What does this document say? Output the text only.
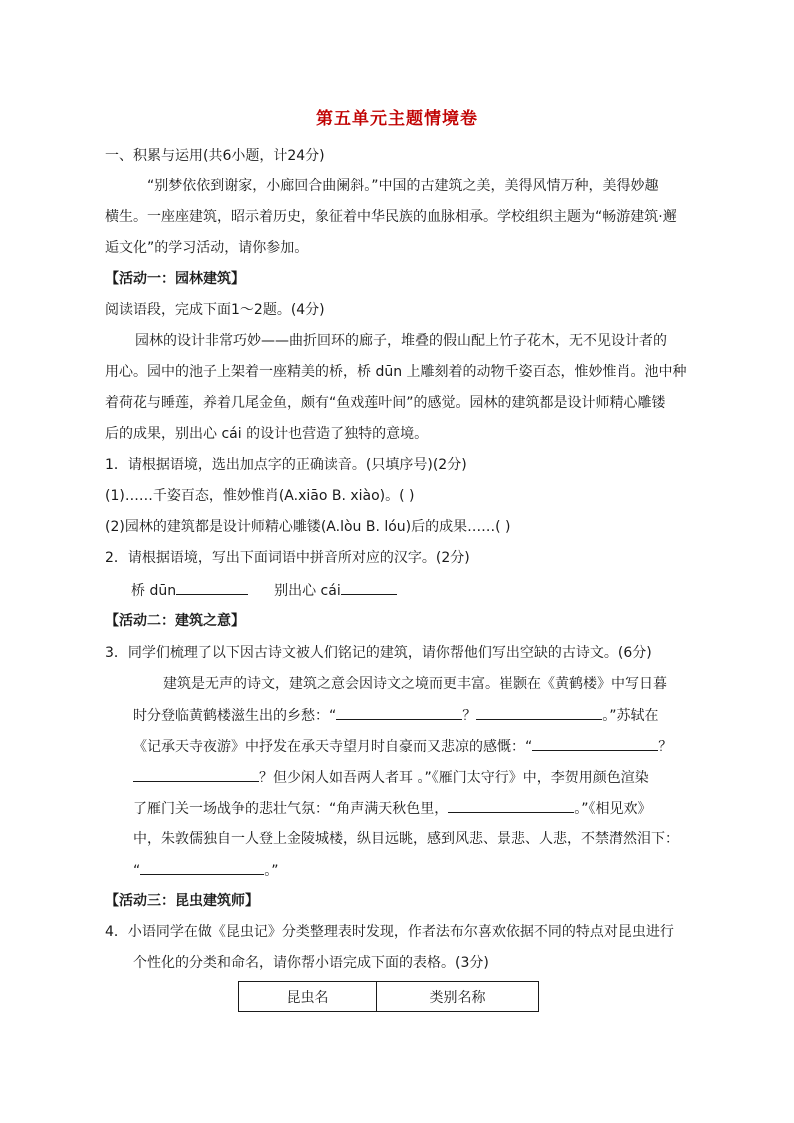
第五单元主题情境卷
一、积累与运用(共6小题，计24分)
“别梦依依到谢家，小廊回合曲阑斜。”中国的古建筑之美，美得风情万种，美得妙趣
横生。一座座建筑，昭示着历史，象征着中华民族的血脉相承。学校组织主题为“畅游建筑·邂
逅文化”的学习活动，请你参加。
【活动一：园林建筑】
阅读语段，完成下面1～2题。(4分)
园林的设计非常巧妙——曲折回环的廊子，堆叠的假山配上竹子花木，无不见设计者的
用心。园中的池子上架着一座精美的桥，桥 dūn 上雕刻着的动物千姿百态，惟妙惟肖。池中种
着荷花与睡莲，养着几尾金鱼，颇有“鱼戏莲叶间”的感觉。园林的建筑都是设计师精心雕镂
后的成果，别出心 cái 的设计也营造了独特的意境。
1．请根据语境，选出加点字的正确读音。(只填序号)(2分)
(1)……千姿百态，惟妙惟肖(A.xiāo B. xiào)。( )
(2)园林的建筑都是设计师精心雕镂(A.lòu B. lóu)后的成果……( )
2．请根据语境，写出下面词语中拼音所对应的汉字。(2分)
桥 dūn	别出心 cái
【活动二：建筑之意】
3．同学们梳理了以下因古诗文被人们铭记的建筑，请你帮他们写出空缺的古诗文。(6分)
建筑是无声的诗文，建筑之意会因诗文之境而更丰富。崔颢在《黄鹤楼》中写日暮
时分登临黄鹤楼滋生出的乡愁：“	？	。”苏轼在
《记承天寺夜游》中抒发在承天寺望月时自豪而又悲凉的感慨：“	？
？但少闲人如吾两人者耳 。”《雁门太守行》中，李贺用颜色渲染
了雁门关一场战争的悲壮气氛：“角声满天秋色里，	。”《相见欢》
中，朱敦儒独自一人登上金陵城楼，纵目远眺，感到风悲、景悲、人悲，不禁潸然泪下：
“	。”
【活动三：昆虫建筑师】
4．小语同学在做《昆虫记》分类整理表时发现，作者法布尔喜欢依据不同的特点对昆虫进行
个性化的分类和命名，请你帮小语完成下面的表格。(3分)
昆虫名	类别名称
